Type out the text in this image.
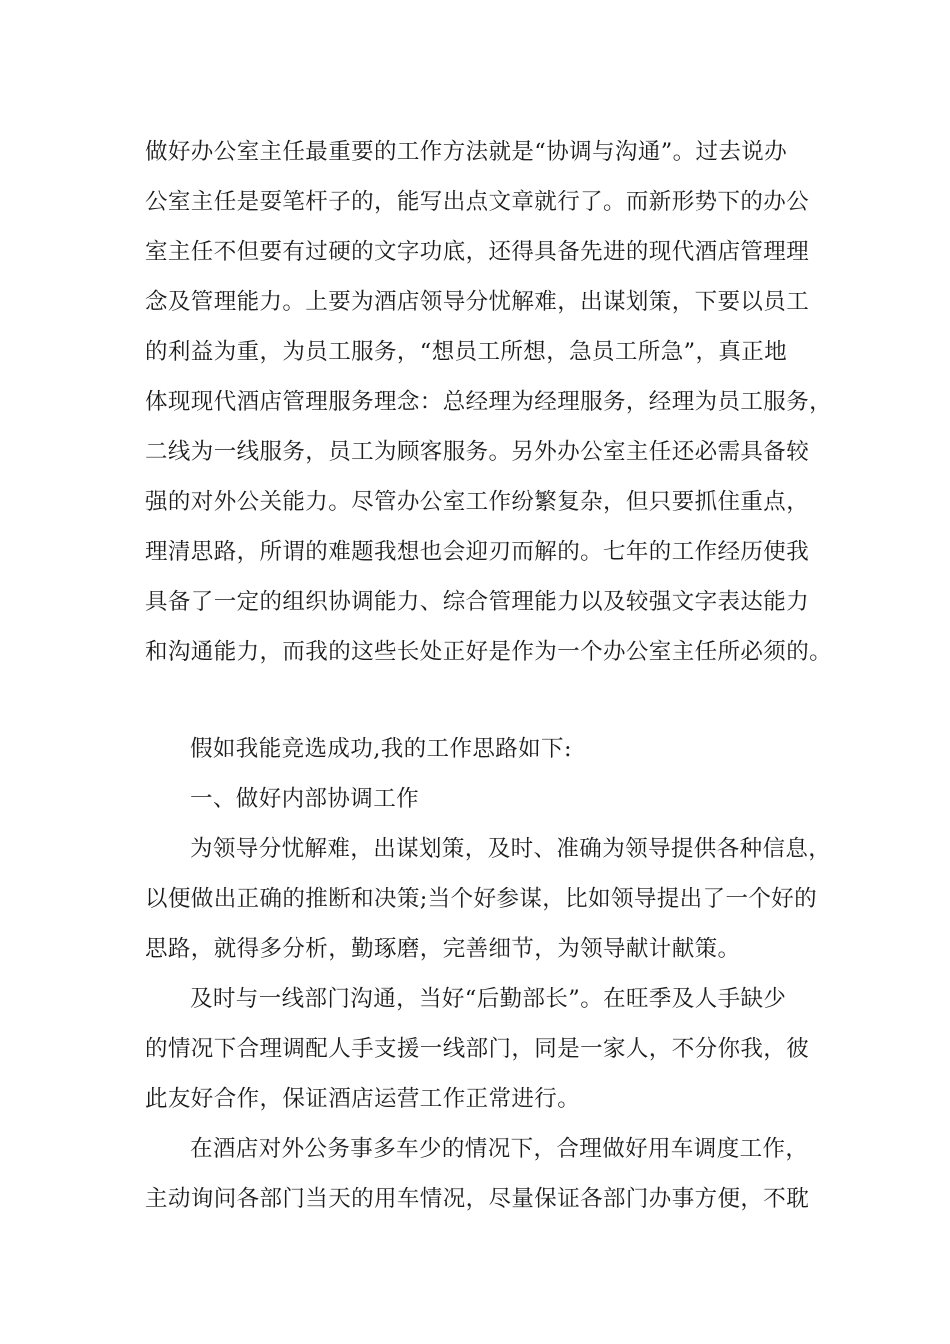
做好办公室主任最重要的工作方法就是“协调与沟通”。过去说办
公室主任是耍笔杆子的，能写出点文章就行了。而新形势下的办公
室主任不但要有过硬的文字功底，还得具备先进的现代酒店管理理
念及管理能力。上要为酒店领导分忧解难，出谋划策，下要以员工
的利益为重，为员工服务，“想员工所想，急员工所急”，真正地
体现现代酒店管理服务理念：总经理为经理服务，经理为员工服务，
二线为一线服务，员工为顾客服务。另外办公室主任还必需具备较
强的对外公关能力。尽管办公室工作纷繁复杂，但只要抓住重点，
理清思路，所谓的难题我想也会迎刃而解的。七年的工作经历使我
具备了一定的组织协调能力、综合管理能力以及较强文字表达能力
和沟通能力，而我的这些长处正好是作为一个办公室主任所必须的。
假如我能竞选成功,我的工作思路如下:
一、做好内部协调工作
为领导分忧解难，出谋划策，及时、准确为领导提供各种信息，
以便做出正确的推断和决策;当个好参谋，比如领导提出了一个好的
思路，就得多分析，勤琢磨，完善细节，为领导献计献策。
及时与一线部门沟通，当好“后勤部长”。在旺季及人手缺少
的情况下合理调配人手支援一线部门，同是一家人，不分你我，彼
此友好合作，保证酒店运营工作正常进行。
在酒店对外公务事多车少的情况下，合理做好用车调度工作，
主动询问各部门当天的用车情况，尽量保证各部门办事方便，不耽
